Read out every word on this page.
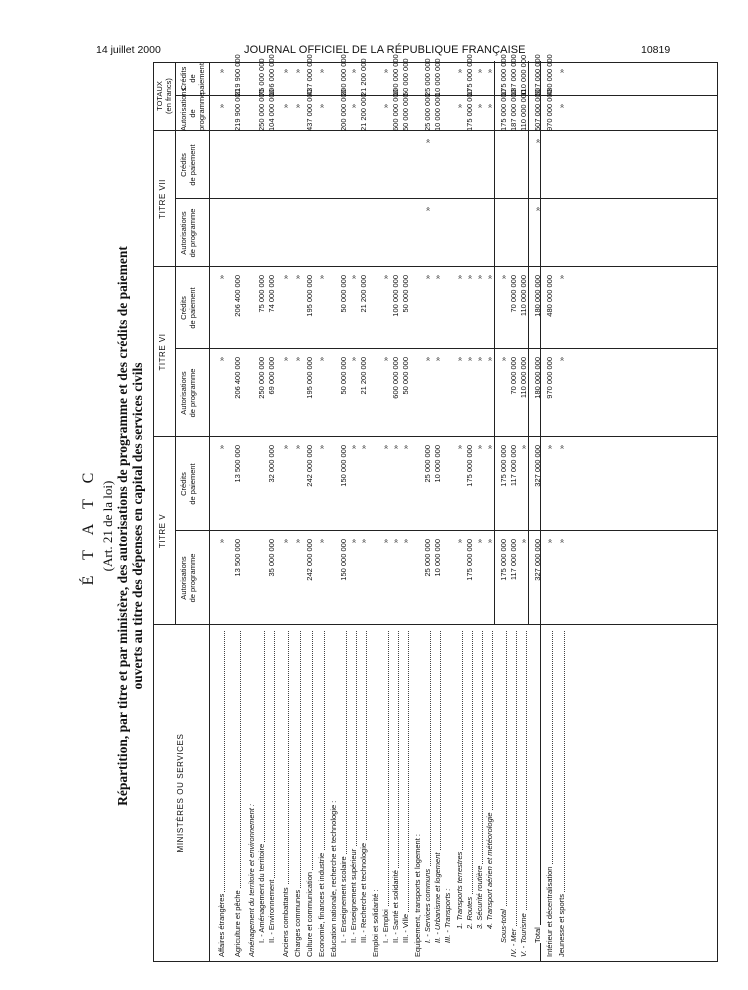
14 juillet 2000	JOURNAL OFFICIEL DE LA RÉPUBLIQUE FRANÇAISE	10819
É T A T C (Art. 21 de la loi) Répartition, par titre et par ministère, des autorisations de programme et des crédits de paiement ouverts au titre des dépenses en capital des services civils
MINISTÈRES OU SERVICES
TITRE V
TITRE VI
TITRE VII
TOTAUX (en francs)
Autorisations de programme
Crédits de paiement
Autorisations de programme
Crédits de paiement
Autorisations de programme
Crédits de paiement
Autorisations de programme
Crédits de paiement
Affaires étrangères
»
»
»
»
»
»
Agriculture et pêche
13 500 000
13 500 000
206 400 000
206 400 000
219 900 000
219 900 000
Aménagement du territoire et environnement : I. - Aménagement du territoire
250 000 000
75 000 000
250 000 000
75 000 000
II. - Environnement
35 000 000
32 000 000
69 000 000
74 000 000
104 000 000
106 000 000
Anciens combattants
»
»
»
»
»
»
Charges communes
»
»
»
»
»
»
Culture et communication
242 000 000
242 000 000
195 000 000
195 000 000
437 000 000
437 000 000
Economie, finances et industrie
»
»
»
»
»
»
Education nationale, recherche et technologie : I. - Enseignement scolaire
150 000 000
150 000 000
50 000 000
50 000 000
200 000 000
200 000 000
II. - Enseignement supérieur
»
»
»
»
»
»
III. - Recherche et technologie
»
»
21 200 000
21 200 000
21 200 000
21 200 000
Emploi et solidarité : I. - Emploi
»
»
»
»
»
»
II. - Santé et solidarité
»
»
600 000 000
100 000 000
600 000 000
100 000 000
III. - Ville
»
»
50 000 000
50 000 000
50 000 000
50 000 000
Equipement, transports et logement : I. - Services communs
25 000 000
25 000 000
»
»
25 000 000
25 000 000
II. - Urbanisme et logement
10 000 000
10 000 000
»
»
10 000 000
10 000 000
III. - Transports : 1. Transports terrestres
»
»
»
»
»
»
2. Routes
175 000 000
175 000 000
»
»
175 000 000
175 000 000
3. Sécurité routière
»
»
»
»
»
»
4. Transport aérien et météorologie
»
»
»
»
»
»
Sous-total
175 000 000
175 000 000
»
»
175 000 000
175 000 000
IV. - Mer
117 000 000
117 000 000
70 000 000
70 000 000
187 000 000
187 000 000
V. - Tourisme
»
»
110 000 000
110 000 000
110 000 000
110 000 000
Total
327 000 000
327 000 000
180 000 000
180 000 000
507 000 000
507 000 000
Intérieur et décentralisation
»
»
970 000 000
480 000 000
970 000 000
480 000 000
Jeunesse et sports
»
»
»
»
»
»
»
»
»
»
